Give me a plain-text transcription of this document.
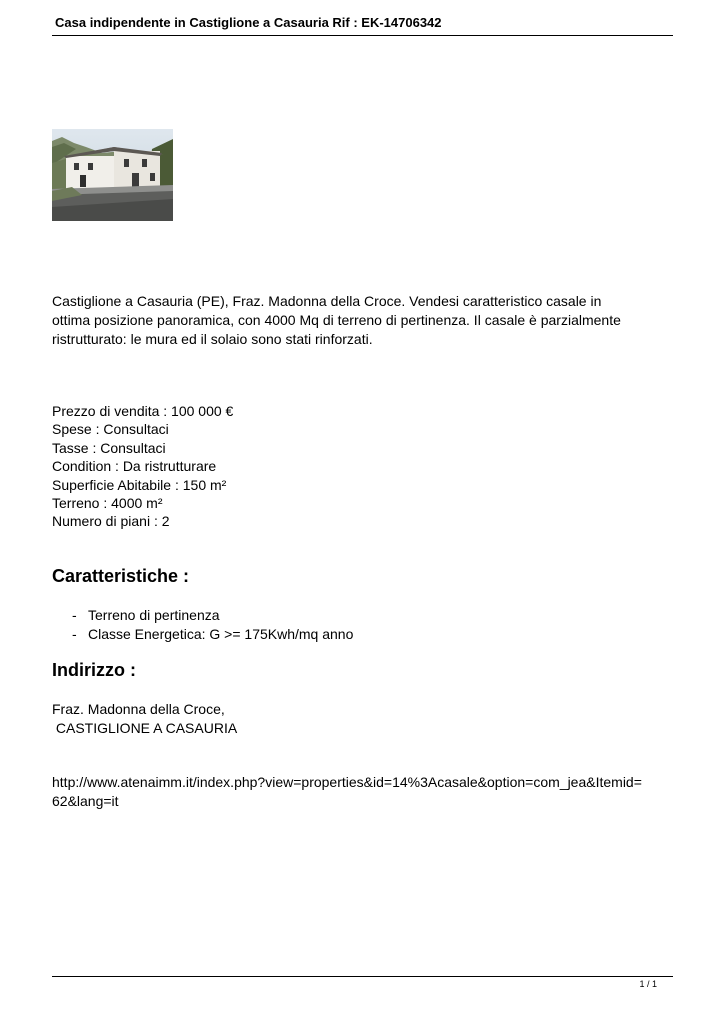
Casa indipendente in Castiglione a Casauria Rif : EK-14706342
Castiglione a Casauria (PE), Fraz. Madonna della Croce. Vendesi caratteristico casale in
ottima posizione panoramica, con 4000 Mq di terreno di pertinenza. Il casale è parzialmente
ristrutturato: le mura ed il solaio sono stati rinforzati.
Prezzo di vendita : 100 000 €
Spese : Consultaci
Tasse : Consultaci
Condition : Da ristrutturare
Superficie Abitabile : 150 m²
Terreno : 4000 m²
Numero di piani : 2
Caratteristiche :
- Terreno di pertinenza
- Classe Energetica: G >= 175Kwh/mq anno
Indirizzo :
Fraz. Madonna della Croce,
CASTIGLIONE A CASAURIA
http://www.atenaimm.it/index.php?view=properties&id=14%3Acasale&option=com_jea&Itemid=
62&lang=it
1 / 1
